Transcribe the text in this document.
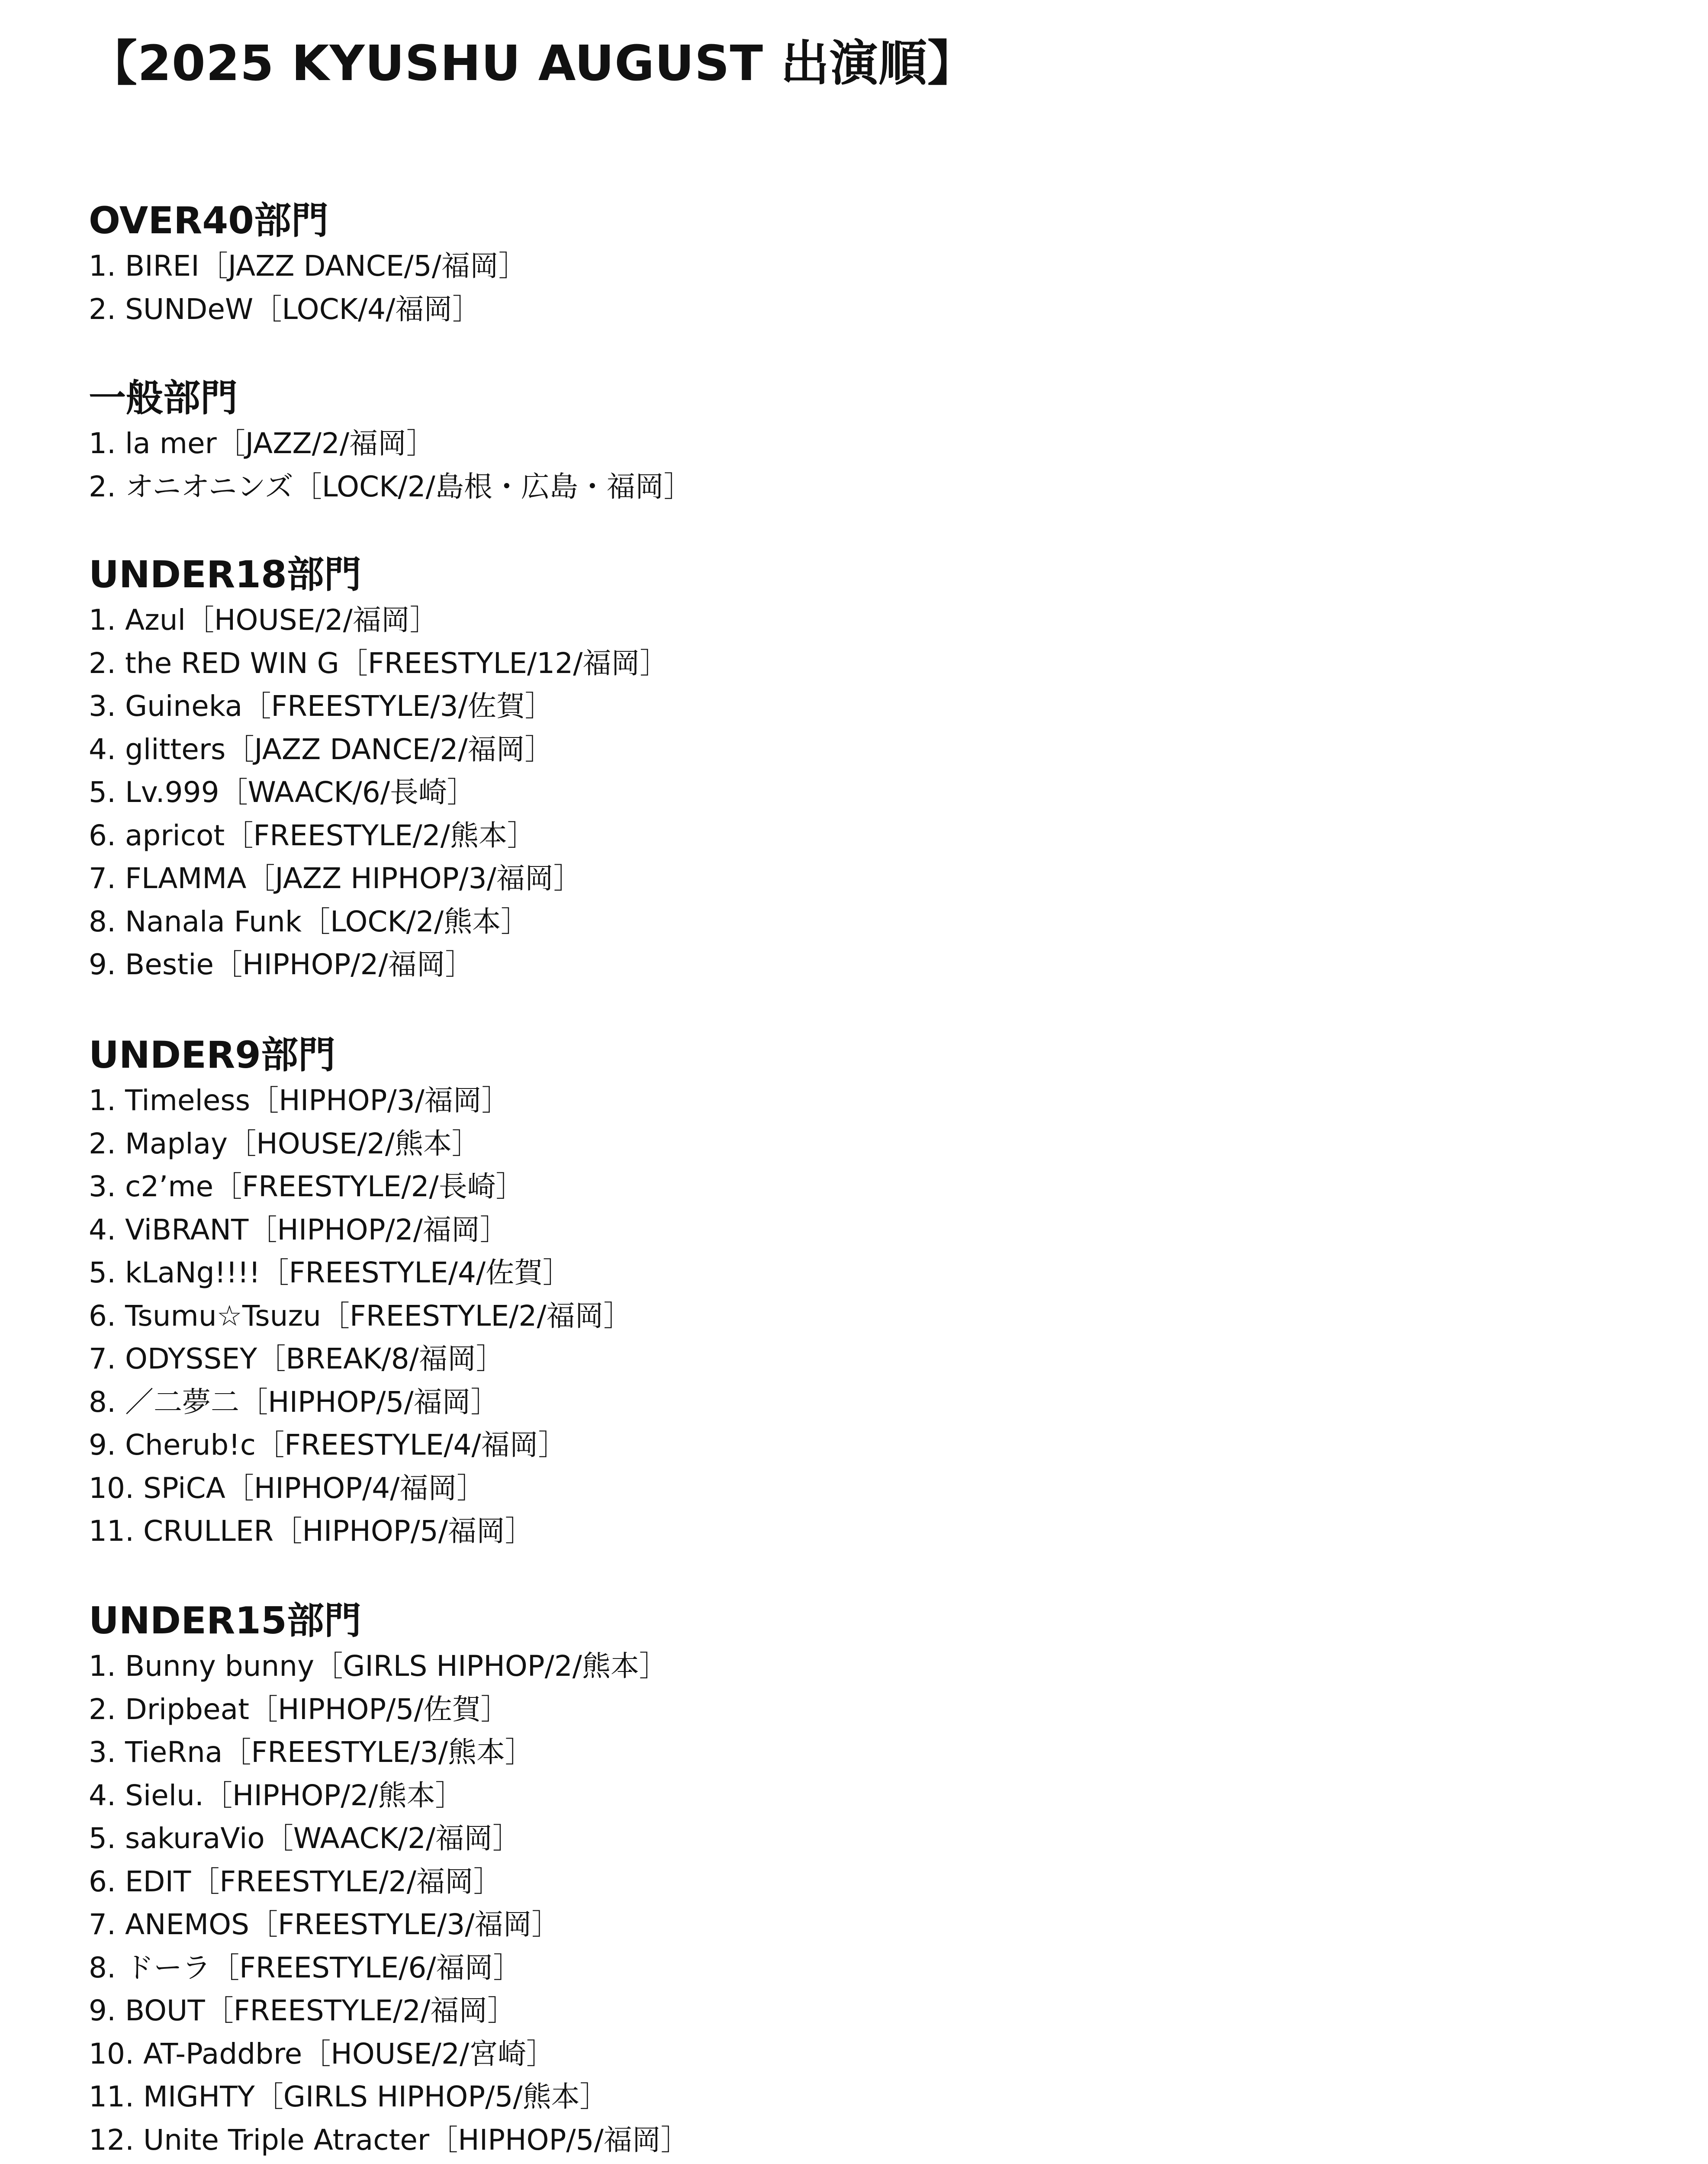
【2025 KYUSHU AUGUST 出演順】
OVER40部門
1. BIREI［JAZZ DANCE/5/福岡］
2. SUNDeW［LOCK/4/福岡］
一般部門
1. la mer［JAZZ/2/福岡］
2. オニオニンズ［LOCK/2/島根・広島・福岡］
UNDER18部門
1. Azul［HOUSE/2/福岡］
2. the RED WIN G［FREESTYLE/12/福岡］
3. Guineka［FREESTYLE/3/佐賀］
4. glitters［JAZZ DANCE/2/福岡］
5. Lv.999［WAACK/6/長崎］
6. apricot［FREESTYLE/2/熊本］
7. FLAMMA［JAZZ HIPHOP/3/福岡］
8. Nanala Funk［LOCK/2/熊本］
9. Bestie［HIPHOP/2/福岡］
UNDER9部門
1. Timeless［HIPHOP/3/福岡］
2. Maplay［HOUSE/2/熊本］
3. c2’me［FREESTYLE/2/長崎］
4. ViBRANT［HIPHOP/2/福岡］
5. kLaNg!!!!［FREESTYLE/4/佐賀］
6. Tsumu☆Tsuzu［FREESTYLE/2/福岡］
7. ODYSSEY［BREAK/8/福岡］
8. ／二夢二［HIPHOP/5/福岡］
9. Cherub!c［FREESTYLE/4/福岡］
10. SPiCA［HIPHOP/4/福岡］
11. CRULLER［HIPHOP/5/福岡］
UNDER15部門
1. Bunny bunny［GIRLS HIPHOP/2/熊本］
2. Dripbeat［HIPHOP/5/佐賀］
3. TieRna［FREESTYLE/3/熊本］
4. Sielu.［HIPHOP/2/熊本］
5. sakuraVio［WAACK/2/福岡］
6. EDIT［FREESTYLE/2/福岡］
7. ANEMOS［FREESTYLE/3/福岡］
8. ドーラ［FREESTYLE/6/福岡］
9. BOUT［FREESTYLE/2/福岡］
10. AT-Paddbre［HOUSE/2/宮崎］
11. MIGHTY［GIRLS HIPHOP/5/熊本］
12. Unite Triple Atracter［HIPHOP/5/福岡］
